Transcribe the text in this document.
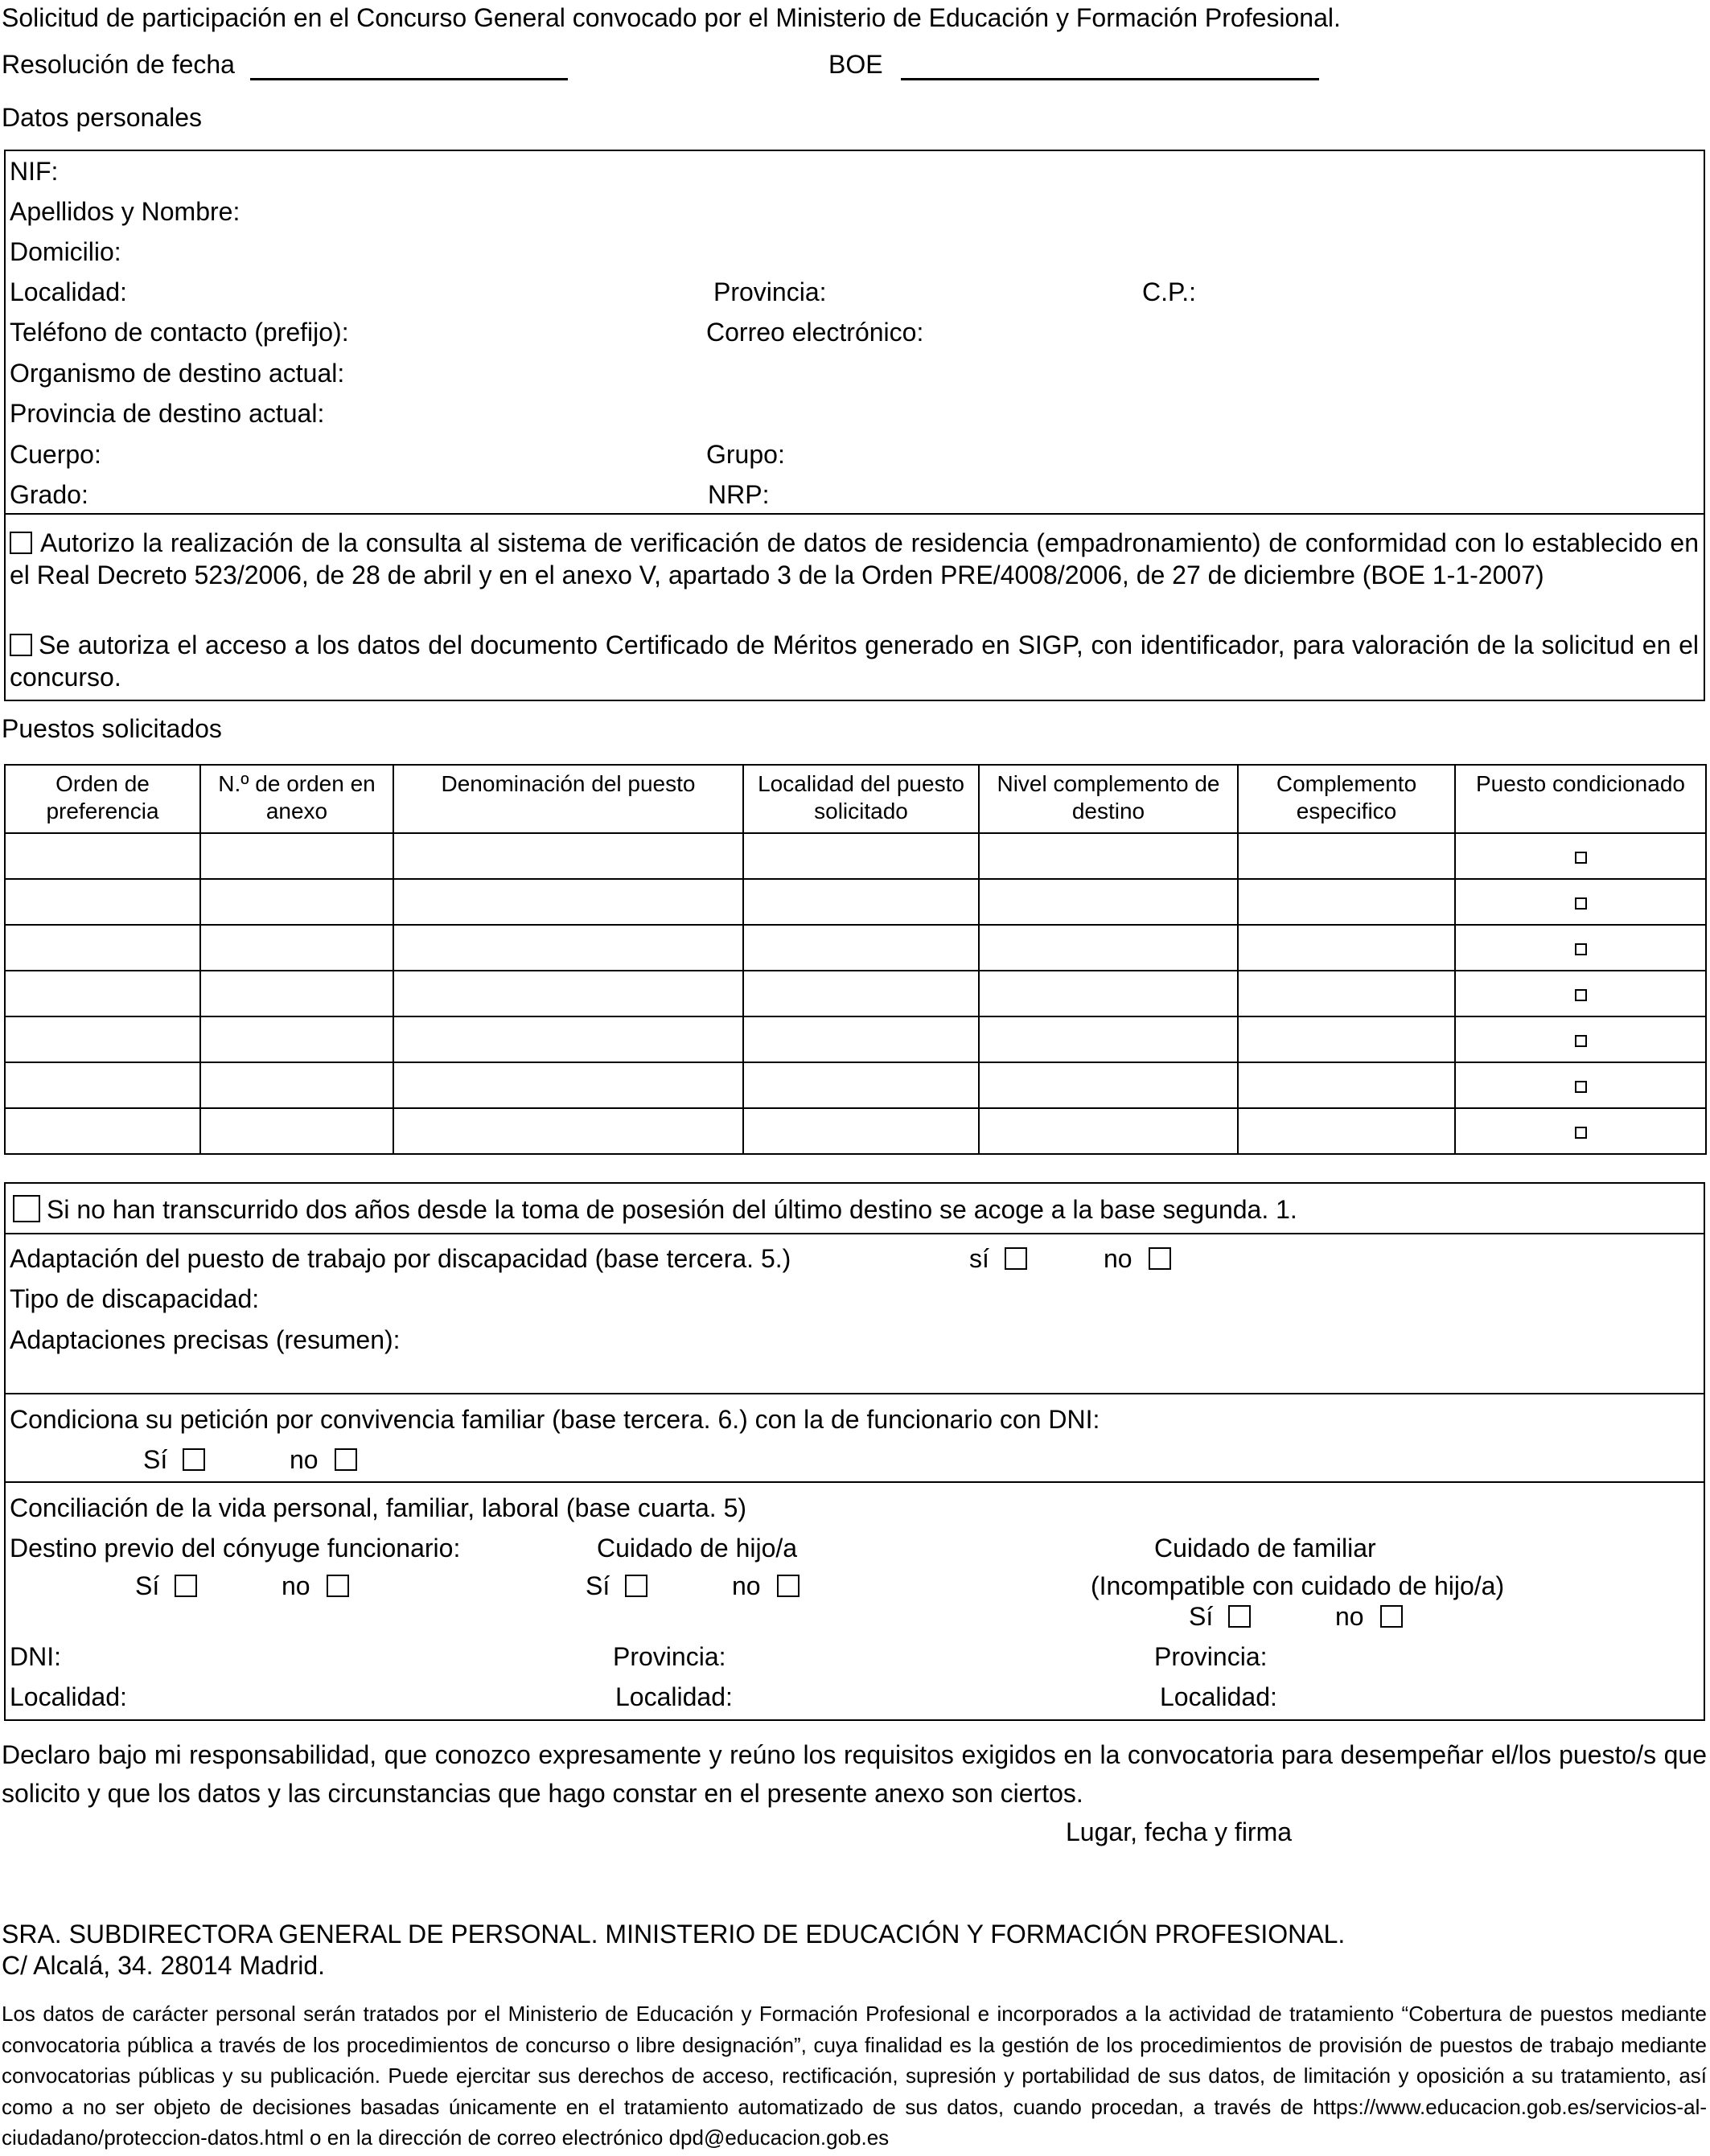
Solicitud de participación en el Concurso General convocado por el Ministerio de Educación y Formación Profesional.
Resolución de fecha	BOE
Datos personales
NIF:
Apellidos y Nombre:
Domicilio:
Localidad:	Provincia:	C.P.:
Teléfono de contacto (prefijo):	Correo electrónico:
Organismo de destino actual:
Provincia de destino actual:
Cuerpo:	Grupo:
Grado:	NRP:
Autorizo la realización de la consulta al sistema de verificación de datos de residencia (empadronamiento) de conformidad con lo establecido en el Real Decreto 523/2006, de 28 de abril y en el anexo V, apartado 3 de la Orden PRE/4008/2006, de 27 de diciembre (BOE 1-1-2007)
Se autoriza el acceso a los datos del documento Certificado de Méritos generado en SIGP, con identificador, para valoración de la solicitud en el concurso.
Puestos solicitados
Orden de preferencia	N.º de orden en anexo	Denominación del puesto	Localidad del puesto solicitado	Nivel complemento de destino	Complemento especifico	Puesto condicionado

Si no han transcurrido dos años desde la toma de posesión del último destino se acoge a la base segunda. 1.
Adaptación del puesto de trabajo por discapacidad (base tercera. 5.)	sí	no
Tipo de discapacidad:
Adaptaciones precisas (resumen):
Condiciona su petición por convivencia familiar (base tercera. 6.) con la de funcionario con DNI:
Sí	no
Conciliación de la vida personal, familiar, laboral (base cuarta. 5)
Destino previo del cónyuge funcionario:	Cuidado de hijo/a	Cuidado de familiar
Sí	no	Sí	no	(Incompatible con cuidado de hijo/a)
Sí	no
DNI:	Provincia:	Provincia:
Localidad:	Localidad:	Localidad:
Declaro bajo mi responsabilidad, que conozco expresamente y reúno los requisitos exigidos en la convocatoria para desempeñar el/los puesto/s que solicito y que los datos y las circunstancias que hago constar en el presente anexo son ciertos.
Lugar, fecha y firma
SRA. SUBDIRECTORA GENERAL DE PERSONAL. MINISTERIO DE EDUCACIÓN Y FORMACIÓN PROFESIONAL.
C/ Alcalá, 34. 28014 Madrid.
Los datos de carácter personal serán tratados por el Ministerio de Educación y Formación Profesional e incorporados a la actividad de tratamiento “Cobertura de puestos mediante convocatoria pública a través de los procedimientos de concurso o libre designación”, cuya finalidad es la gestión de los procedimientos de provisión de puestos de trabajo mediante convocatorias públicas y su publicación. Puede ejercitar sus derechos de acceso, rectificación, supresión y portabilidad de sus datos, de limitación y oposición a su tratamiento, así como a no ser objeto de decisiones basadas únicamente en el tratamiento automatizado de sus datos, cuando procedan, a través de https://www.educacion.gob.es/servicios-al-ciudadano/proteccion-datos.html o en la dirección de correo electrónico dpd@educacion.gob.es
